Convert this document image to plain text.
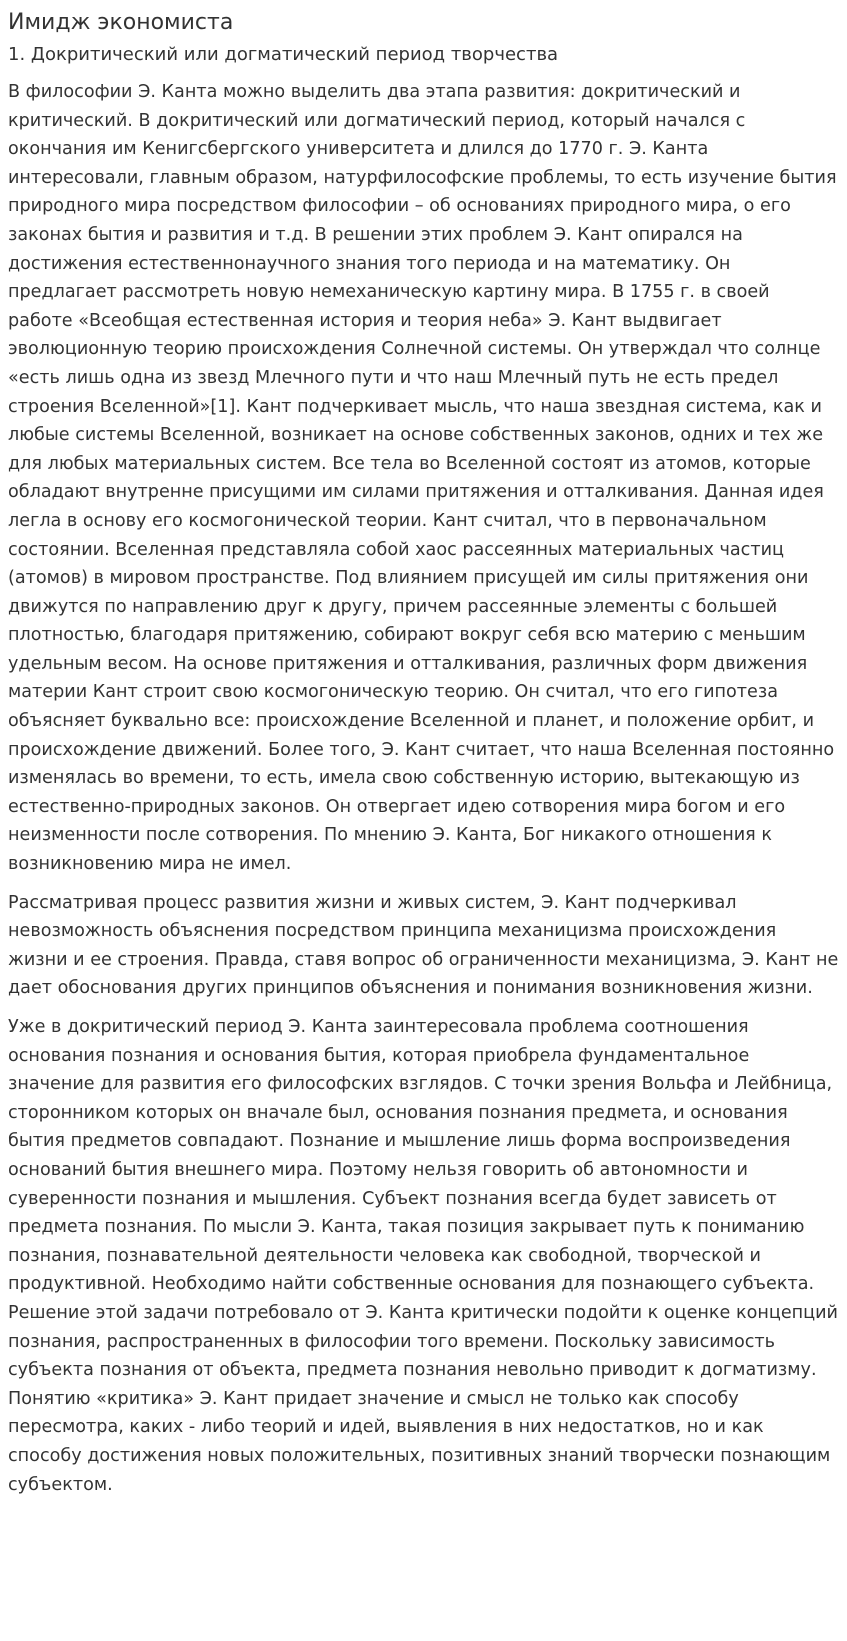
Имидж экономиста
1. Докритический или догматический период творчества

В философии Э. Канта можно выделить два этапа развития: докритический и критический. В докритический или догматический период, который начался с окончания им Кенигсбергского университета и длился до 1770 г. Э. Канта интересовали, главным образом, натурфилософские проблемы, то есть изучение бытия природного мира посредством философии – об основаниях природного мира, о его законах бытия и развития и т.д. В решении этих проблем Э. Кант опирался на достижения естественнонаучного знания того периода и на математику. Он предлагает рассмотреть новую немеханическую картину мира. В 1755 г. в своей работе «Всеобщая естественная история и теория неба» Э. Кант выдвигает эволюционную теорию происхождения Солнечной системы. Он утверждал что солнце «есть лишь одна из звезд Млечного пути и что наш Млечный путь не есть предел строения Вселенной»[1]. Кант подчеркивает мысль, что наша звездная система, как и любые системы Вселенной, возникает на основе собственных законов, одних и тех же для любых материальных систем. Все тела во Вселенной состоят из атомов, которые обладают внутренне присущими им силами притяжения и отталкивания. Данная идея легла в основу его космогонической теории. Кант считал, что в первоначальном состоянии. Вселенная представляла собой хаос рассеянных материальных частиц (атомов) в мировом пространстве. Под влиянием присущей им силы притяжения они движутся по направлению друг к другу, причем рассеянные элементы с большей плотностью, благодаря притяжению, собирают вокруг себя всю материю с меньшим удельным весом. На основе притяжения и отталкивания, различных форм движения материи Кант строит свою космогоническую теорию. Он считал, что его гипотеза объясняет буквально все: происхождение Вселенной и планет, и положение орбит, и происхождение движений. Более того, Э. Кант считает, что наша Вселенная постоянно изменялась во времени, то есть, имела свою собственную историю, вытекающую из естественно-природных законов. Он отвергает идею сотворения мира богом и его неизменности после сотворения. По мнению Э. Канта, Бог никакого отношения к возникновению мира не имел.

Рассматривая процесс развития жизни и живых систем, Э. Кант подчеркивал невозможность объяснения посредством принципа механицизма происхождения жизни и ее строения. Правда, ставя вопрос об ограниченности механицизма, Э. Кант не дает обоснования других принципов объяснения и понимания возникновения жизни.

Уже в докритический период Э. Канта заинтересовала проблема соотношения основания познания и основания бытия, которая приобрела фундаментальное значение для развития его философских взглядов. С точки зрения Вольфа и Лейбница, сторонником которых он вначале был, основания познания предмета, и основания бытия предметов совпадают. Познание и мышление лишь форма воспроизведения оснований бытия внешнего мира. Поэтому нельзя говорить об автономности и суверенности познания и мышления. Субъект познания всегда будет зависеть от предмета познания. По мысли Э. Канта, такая позиция закрывает путь к пониманию познания, познавательной деятельности человека как свободной, творческой и продуктивной. Необходимо найти собственные основания для познающего субъекта. Решение этой задачи потребовало от Э. Канта критически подойти к оценке концепций познания, распространенных в философии того времени. Поскольку зависимость субъекта познания от объекта, предмета познания невольно приводит к догматизму. Понятию «критика» Э. Кант придает значение и смысл не только как способу пересмотра, каких - либо теорий и идей, выявления в них недостатков, но и как способу достижения новых положительных, позитивных знаний творчески познающим субъектом.
